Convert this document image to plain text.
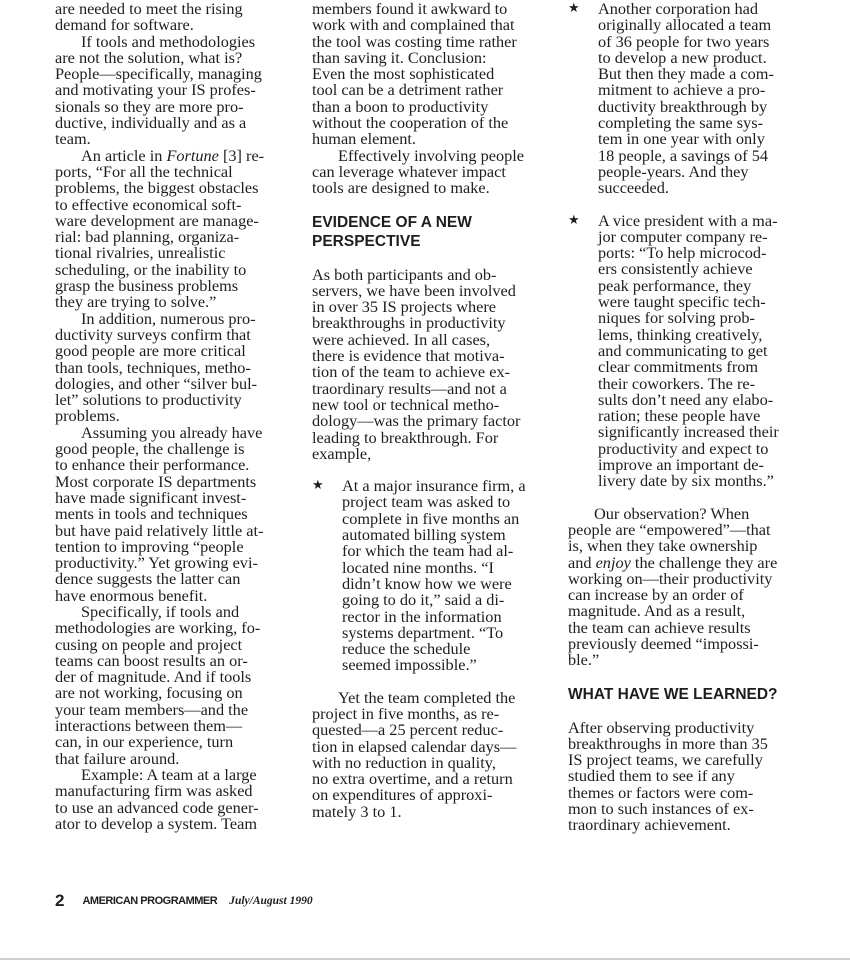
are needed to meet the rising
demand for software.
If tools and methodologies
are not the solution, what is?
People—specifically, managing
and motivating your IS profes-
sionals so they are more pro-
ductive, individually and as a
team.
An article in Fortune [3] re-
ports, “For all the technical
problems, the biggest obstacles
to effective economical soft-
ware development are manage-
rial: bad planning, organiza-
tional rivalries, unrealistic
scheduling, or the inability to
grasp the business problems
they are trying to solve.”
In addition, numerous pro-
ductivity surveys confirm that
good people are more critical
than tools, techniques, metho-
dologies, and other “silver bul-
let” solutions to productivity
problems.
Assuming you already have
good people, the challenge is
to enhance their performance.
Most corporate IS departments
have made significant invest-
ments in tools and techniques
but have paid relatively little at-
tention to improving “people
productivity.” Yet growing evi-
dence suggests the latter can
have enormous benefit.
Specifically, if tools and
methodologies are working, fo-
cusing on people and project
teams can boost results an or-
der of magnitude. And if tools
are not working, focusing on
your team members—and the
interactions between them—
can, in our experience, turn
that failure around.
Example: A team at a large
manufacturing firm was asked
to use an advanced code gener-
ator to develop a system. Team
members found it awkward to
work with and complained that
the tool was costing time rather
than saving it. Conclusion:
Even the most sophisticated
tool can be a detriment rather
than a boon to productivity
without the cooperation of the
human element.
Effectively involving people
can leverage whatever impact
tools are designed to make.
EVIDENCE OF A NEW
PERSPECTIVE
As both participants and ob-
servers, we have been involved
in over 35 IS projects where
breakthroughs in productivity
were achieved. In all cases,
there is evidence that motiva-
tion of the team to achieve ex-
traordinary results—and not a
new tool or technical metho-
dology—was the primary factor
leading to breakthrough. For
example,
★ At a major insurance firm, a
project team was asked to
complete in five months an
automated billing system
for which the team had al-
located nine months. “I
didn’t know how we were
going to do it,” said a di-
rector in the information
systems department. “To
reduce the schedule
seemed impossible.”
Yet the team completed the
project in five months, as re-
quested—a 25 percent reduc-
tion in elapsed calendar days—
with no reduction in quality,
no extra overtime, and a return
on expenditures of approxi-
mately 3 to 1.
★ Another corporation had
originally allocated a team
of 36 people for two years
to develop a new product.
But then they made a com-
mitment to achieve a pro-
ductivity breakthrough by
completing the same sys-
tem in one year with only
18 people, a savings of 54
people-years. And they
succeeded.
★ A vice president with a ma-
jor computer company re-
ports: “To help microcod-
ers consistently achieve
peak performance, they
were taught specific tech-
niques for solving prob-
lems, thinking creatively,
and communicating to get
clear commitments from
their coworkers. The re-
sults don’t need any elabo-
ration; these people have
significantly increased their
productivity and expect to
improve an important de-
livery date by six months.”
Our observation? When
people are “empowered”—that
is, when they take ownership
and enjoy the challenge they are
working on—their productivity
can increase by an order of
magnitude. And as a result,
the team can achieve results
previously deemed “impossi-
ble.”
WHAT HAVE WE LEARNED?
After observing productivity
breakthroughs in more than 35
IS project teams, we carefully
studied them to see if any
themes or factors were com-
mon to such instances of ex-
traordinary achievement.
2 AMERICAN PROGRAMMER July/August 1990
